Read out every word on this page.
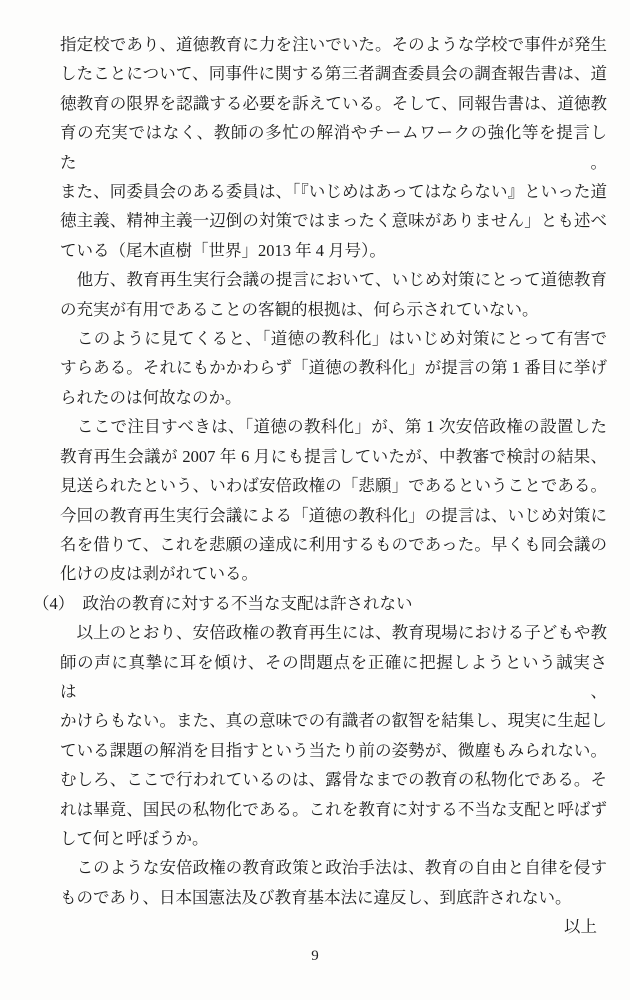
指定校であり、道徳教育に力を注いでいた。そのような学校で事件が発生
したことについて、同事件に関する第三者調査委員会の調査報告書は、道
徳教育の限界を認識する必要を訴えている。そして、同報告書は、道徳教
育の充実ではなく、教師の多忙の解消やチームワークの強化等を提言した。
また、同委員会のある委員は、「『いじめはあってはならない』といった道
徳主義、精神主義一辺倒の対策ではまったく意味がありません」とも述べ
ている（尾木直樹「世界」2013 年 4 月号）。
　他方、教育再生実行会議の提言において、いじめ対策にとって道徳教育
の充実が有用であることの客観的根拠は、何ら示されていない。
　このように見てくると、「道徳の教科化」はいじめ対策にとって有害で
すらある。それにもかかわらず「道徳の教科化」が提言の第 1 番目に挙げ
られたのは何故なのか。
　ここで注目すべきは、「道徳の教科化」が、第 1 次安倍政権の設置した
教育再生会議が 2007 年 6 月にも提言していたが、中教審で検討の結果、
見送られたという、いわば安倍政権の「悲願」であるということである。
今回の教育再生実行会議による「道徳の教科化」の提言は、いじめ対策に
名を借りて、これを悲願の達成に利用するものであった。早くも同会議の
化けの皮は剥がれている。
（4）　政治の教育に対する不当な支配は許されない
　以上のとおり、安倍政権の教育再生には、教育現場における子どもや教
師の声に真摯に耳を傾け、その問題点を正確に把握しようという誠実さは、
かけらもない。また、真の意味での有識者の叡智を結集し、現実に生起し
ている課題の解消を目指すという当たり前の姿勢が、微塵もみられない。
むしろ、ここで行われているのは、露骨なまでの教育の私物化である。そ
れは畢竟、国民の私物化である。これを教育に対する不当な支配と呼ばず
して何と呼ぼうか。
　このような安倍政権の教育政策と政治手法は、教育の自由と自律を侵す
ものであり、日本国憲法及び教育基本法に違反し、到底許されない。
以上
9
